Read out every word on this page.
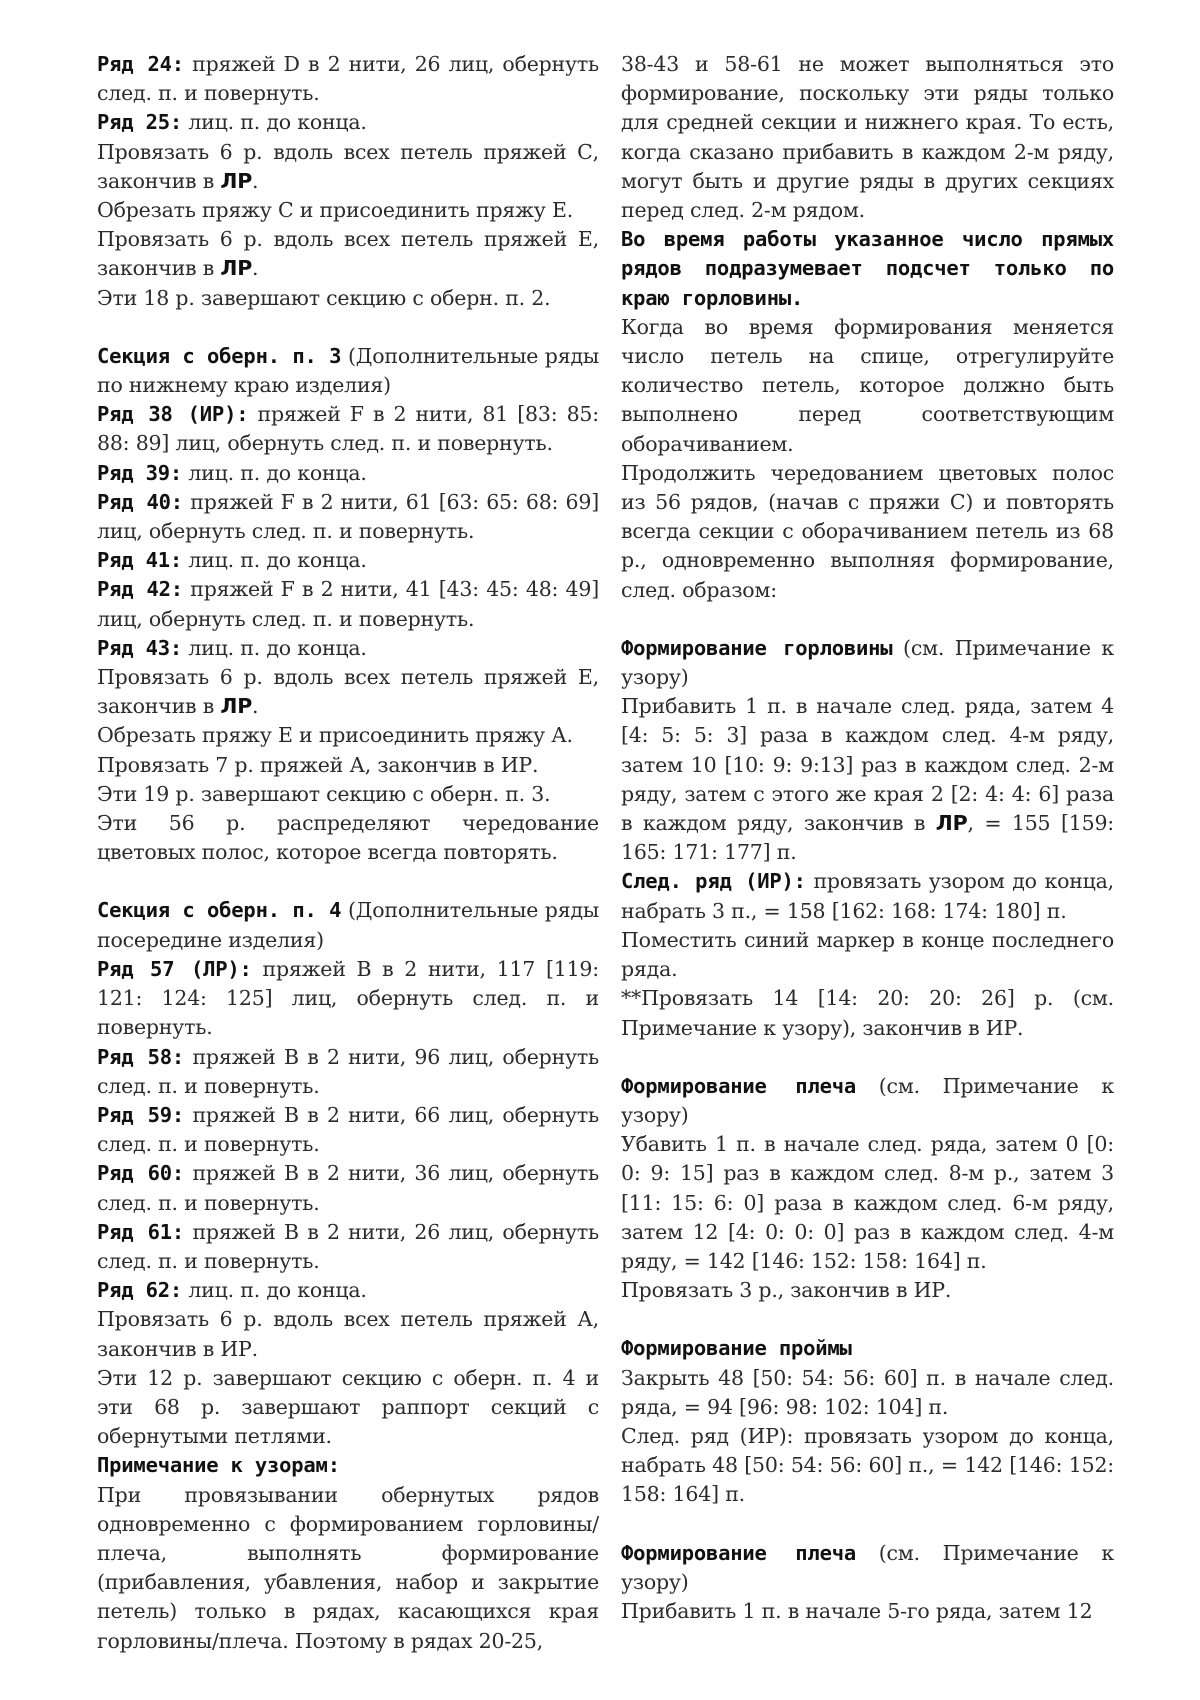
Ряд 24: пряжей D в 2 нити, 26 лиц, обернуть след. п. и повернуть.

Ряд 25: лиц. п. до конца.

Провязать 6 р. вдоль всех петель пряжей С, закончив в ЛР.

Обрезать пряжу С и присоединить пряжу Е.

Провязать 6 р. вдоль всех петель пряжей Е, закончив в ЛР.

Эти 18 р. завершают секцию с оберн. п. 2.

Секция с оберн. п. 3 (Дополнительные ряды по нижнему краю изделия)

Ряд 38 (ИР): пряжей F в 2 нити, 81 [83: 85: 88: 89] лиц, обернуть след. п. и повернуть.

Ряд 39: лиц. п. до конца.

Ряд 40: пряжей F в 2 нити, 61 [63: 65: 68: 69] лиц, обернуть след. п. и повернуть.

Ряд 41: лиц. п. до конца.

Ряд 42: пряжей F в 2 нити, 41 [43: 45: 48: 49] лиц, обернуть след. п. и повернуть.

Ряд 43: лиц. п. до конца.

Провязать 6 р. вдоль всех петель пряжей Е, закончив в ЛР.

Обрезать пряжу Е и присоединить пряжу А.

Провязать 7 р. пряжей А, закончив в ИР.

Эти 19 р. завершают секцию с оберн. п. 3.

Эти 56 р. распределяют чередование цветовых полос, которое всегда повторять.

Секция с оберн. п. 4 (Дополнительные ряды посередине изделия)

Ряд 57 (ЛР): пряжей В в 2 нити, 117 [119: 121: 124: 125] лиц, обернуть след. п. и повернуть.

Ряд 58: пряжей В в 2 нити, 96 лиц, обернуть след. п. и повернуть.

Ряд 59: пряжей В в 2 нити, 66 лиц, обернуть след. п. и повернуть.

Ряд 60: пряжей В в 2 нити, 36 лиц, обернуть след. п. и повернуть.

Ряд 61: пряжей В в 2 нити, 26 лиц, обернуть след. п. и повернуть.

Ряд 62: лиц. п. до конца.

Провязать 6 р. вдоль всех петель пряжей А, закончив в ИР.

Эти 12 р. завершают секцию с оберн. п. 4 и эти 68 р. завершают раппорт секций с обернутыми петлями.

Примечание к узорам:

При провязывании обернутых рядов одновременно с формированием горловины/ плеча, выполнять формирование (прибавления, убавления, набор и закрытие петель) только в рядах, касающихся края горловины/плеча. Поэтому в рядах 20-25,

38-43 и 58-61 не может выполняться это формирование, поскольку эти ряды только для средней секции и нижнего края. То есть, когда сказано прибавить в каждом 2-м ряду, могут быть и другие ряды в других секциях перед след. 2-м рядом.

Во время работы указанное число прямых рядов подразумевает подсчет только по краю горловины.

Когда во время формирования меняется число петель на спице, отрегулируйте количество петель, которое должно быть выполнено перед соответствующим оборачиванием.

Продолжить чередованием цветовых полос из 56 рядов, (начав с пряжи С) и повторять всегда секции с оборачиванием петель из 68 р., одновременно выполняя формирование, след. образом:

Формирование горловины (см. Примечание к узору)

Прибавить 1 п. в начале след. ряда, затем 4 [4: 5: 5: 3] раза в каждом след. 4-м ряду, затем 10 [10: 9: 9:13] раз в каждом след. 2-м ряду, затем с этого же края 2 [2: 4: 4: 6] раза в каждом ряду, закончив в ЛР, = 155 [159: 165: 171: 177] п.

След. ряд (ИР): провязать узором до конца, набрать 3 п., = 158 [162: 168: 174: 180] п.

Поместить синий маркер в конце последнего ряда.

**Провязать 14 [14: 20: 20: 26] р. (см. Примечание к узору), закончив в ИР.

Формирование плеча (см. Примечание к узору)

Убавить 1 п. в начале след. ряда, затем 0 [0: 0: 9: 15] раз в каждом след. 8-м р., затем 3 [11: 15: 6: 0] раза в каждом след. 6-м ряду, затем 12 [4: 0: 0: 0] раз в каждом след. 4-м ряду, = 142 [146: 152: 158: 164] п.

Провязать 3 р., закончив в ИР.

Формирование проймы

Закрыть 48 [50: 54: 56: 60] п. в начале след. ряда, = 94 [96: 98: 102: 104] п.

След. ряд (ИР): провязать узором до конца, набрать 48 [50: 54: 56: 60] п., = 142 [146: 152: 158: 164] п.

Формирование плеча (см. Примечание к узору)

Прибавить 1 п. в начале 5-го ряда, затем 12
